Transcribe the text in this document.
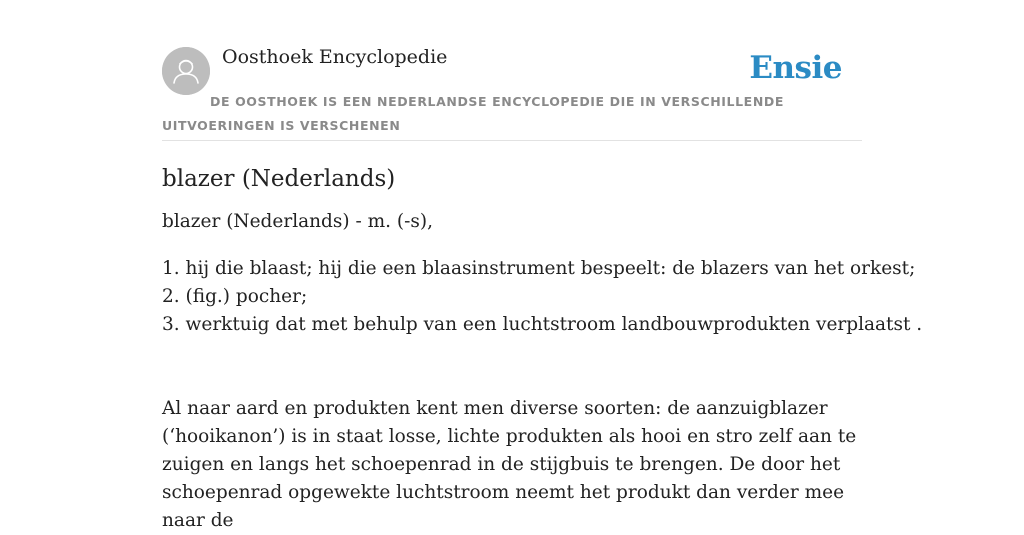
Oosthoek Encyclopedie	Ensie
DE OOSTHOEK IS EEN NEDERLANDSE ENCYCLOPEDIE DIE IN VERSCHILLENDE UITVOERINGEN IS VERSCHENEN
blazer (Nederlands)

blazer (Nederlands) - m. (-s),

1. hij die blaast; hij die een blaasinstrument bespeelt: de blazers van het orkest;
2. (fig.) pocher;
3. werktuig dat met behulp van een luchtstroom landbouwprodukten verplaatst .

Al naar aard en produkten kent men diverse soorten: de aanzuigblazer (‘hooikanon’) is in staat losse, lichte produkten als hooi en stro zelf aan te zuigen en langs het schoepenrad in de stijgbuis te brengen. De door het schoepenrad opgewekte luchtstroom neemt het produkt dan verder mee naar de
